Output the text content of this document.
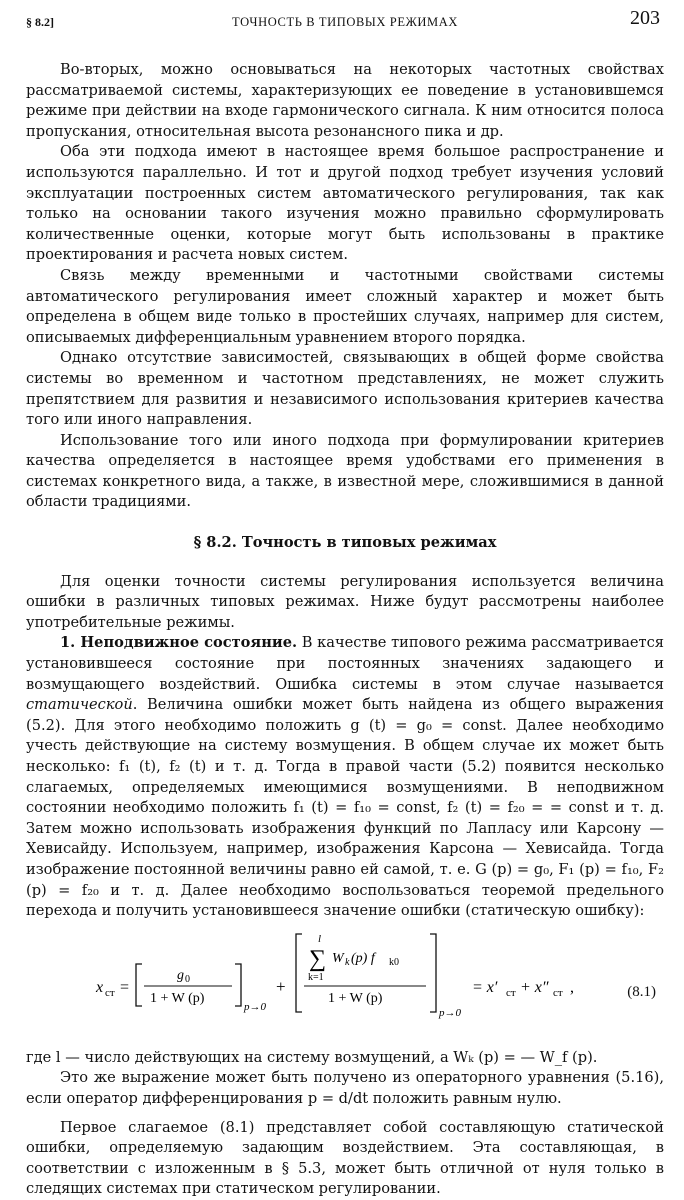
§ 8.2]	ТОЧНОСТЬ В ТИПОВЫХ РЕЖИМАХ	203

Во-вторых, можно основываться на некоторых частотных свойствах рассматриваемой системы, характеризующих ее поведение в установившемся режиме при действии на входе гармонического сигнала. К ним относится полоса пропускания, относительная высота резонансного пика и др.

Оба эти подхода имеют в настоящее время большое распространение и используются параллельно. И тот и другой подход требует изучения условий эксплуатации построенных систем автоматического регулирования, так как только на основании такого изучения можно правильно сформулировать количественные оценки, которые могут быть использованы в практике проектирования и расчета новых систем.

Связь между временными и частотными свойствами системы автоматического регулирования имеет сложный характер и может быть определена в общем виде только в простейших случаях, например для систем, описываемых дифференциальным уравнением второго порядка.

Однако отсутствие зависимостей, связывающих в общей форме свойства системы во временном и частотном представлениях, не может служить препятствием для развития и независимого использования критериев качества того или иного направления.

Использование того или иного подхода при формулировании критериев качества определяется в настоящее время удобствами его применения в системах конкретного вида, а также, в известной мере, сложившимися в данной области традициями.

§ 8.2. Точность в типовых режимах

Для оценки точности системы регулирования используется величина ошибки в различных типовых режимах. Ниже будут рассмотрены наиболее употребительные режимы.

1. Неподвижное состояние. В качестве типового режима рассматривается установившееся состояние при постоянных значениях задающего и возмущающего воздействий. Ошибка системы в этом случае называется статической. Величина ошибки может быть найдена из общего выражения (5.2). Для этого необходимо положить g (t) = g₀ = const. Далее необходимо учесть действующие на систему возмущения. В общем случае их может быть несколько: f₁ (t), f₂ (t) и т. д. Тогда в правой части (5.2) появится несколько слагаемых, определяемых имеющимися возмущениями. В неподвижном состоянии необходимо положить f₁ (t) = f₁₀ = const, f₂ (t) = f₂₀ = = const и т. д. Затем можно использовать изображения функций по Лапласу или Карсону — Хевисайду. Используем, например, изображения Карсона — Хевисайда. Тогда изображение постоянной величины равно ей самой, т. е. G (p) = g₀, F₁ (p) = f₁₀, F₂ (p) = f₂₀ и т. д. Далее необходимо воспользоваться теоремой предельного перехода и получить установившееся значение ошибки (статическую ошибку):

x ст =
g 0
1 + W (p)
p→0
+
l
∑
k=1
W k (p) f k0
1 + W (p)
p→0
= x′ ст + x″ ст ,	(8.1)

где l — число действующих на систему возмущений, а Wₖ (p) = — W_f (p).

Это же выражение может быть получено из операторного уравнения (5.16), если оператор дифференцирования p = d/dt положить равным нулю.

Первое слагаемое (8.1) представляет собой составляющую статической ошибки, определяемую задающим воздействием. Эта составляющая, в соответствии с изложенным в § 5.3, может быть отличной от нуля только в следящих системах при статическом регулировании.
